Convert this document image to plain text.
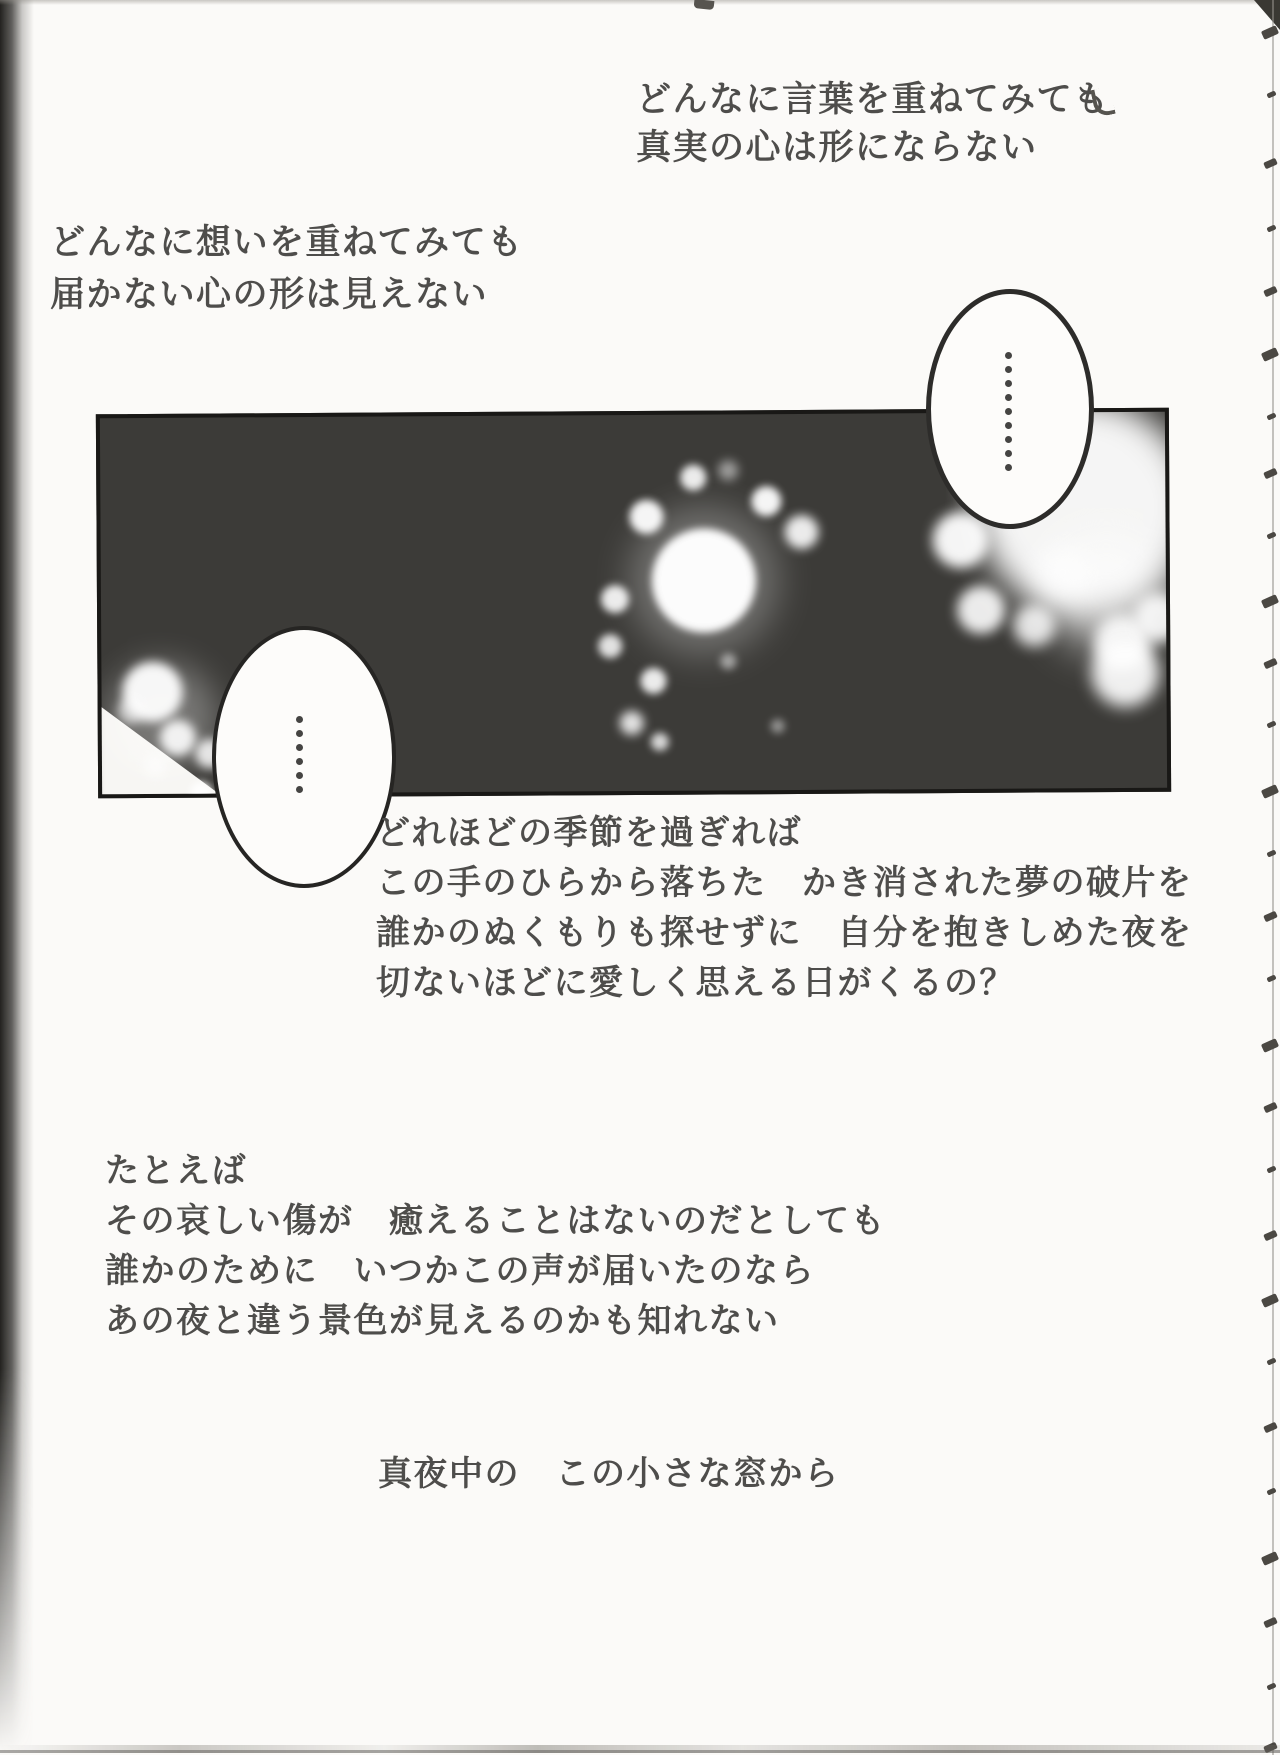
どんなに言葉を重ねてみても
真実の心は形にならない
どんなに想いを重ねてみても
届かない心の形は見えない
どれほどの季節を過ぎれば
この手のひらから落ちた　かき消された夢の破片を
誰かのぬくもりも探せずに　自分を抱きしめた夜を
切ないほどに愛しく思える日がくるの？
たとえば
その哀しい傷が　癒えることはないのだとしても
誰かのために　いつかこの声が届いたのなら
あの夜と違う景色が見えるのかも知れない
真夜中の　この小さな窓から
